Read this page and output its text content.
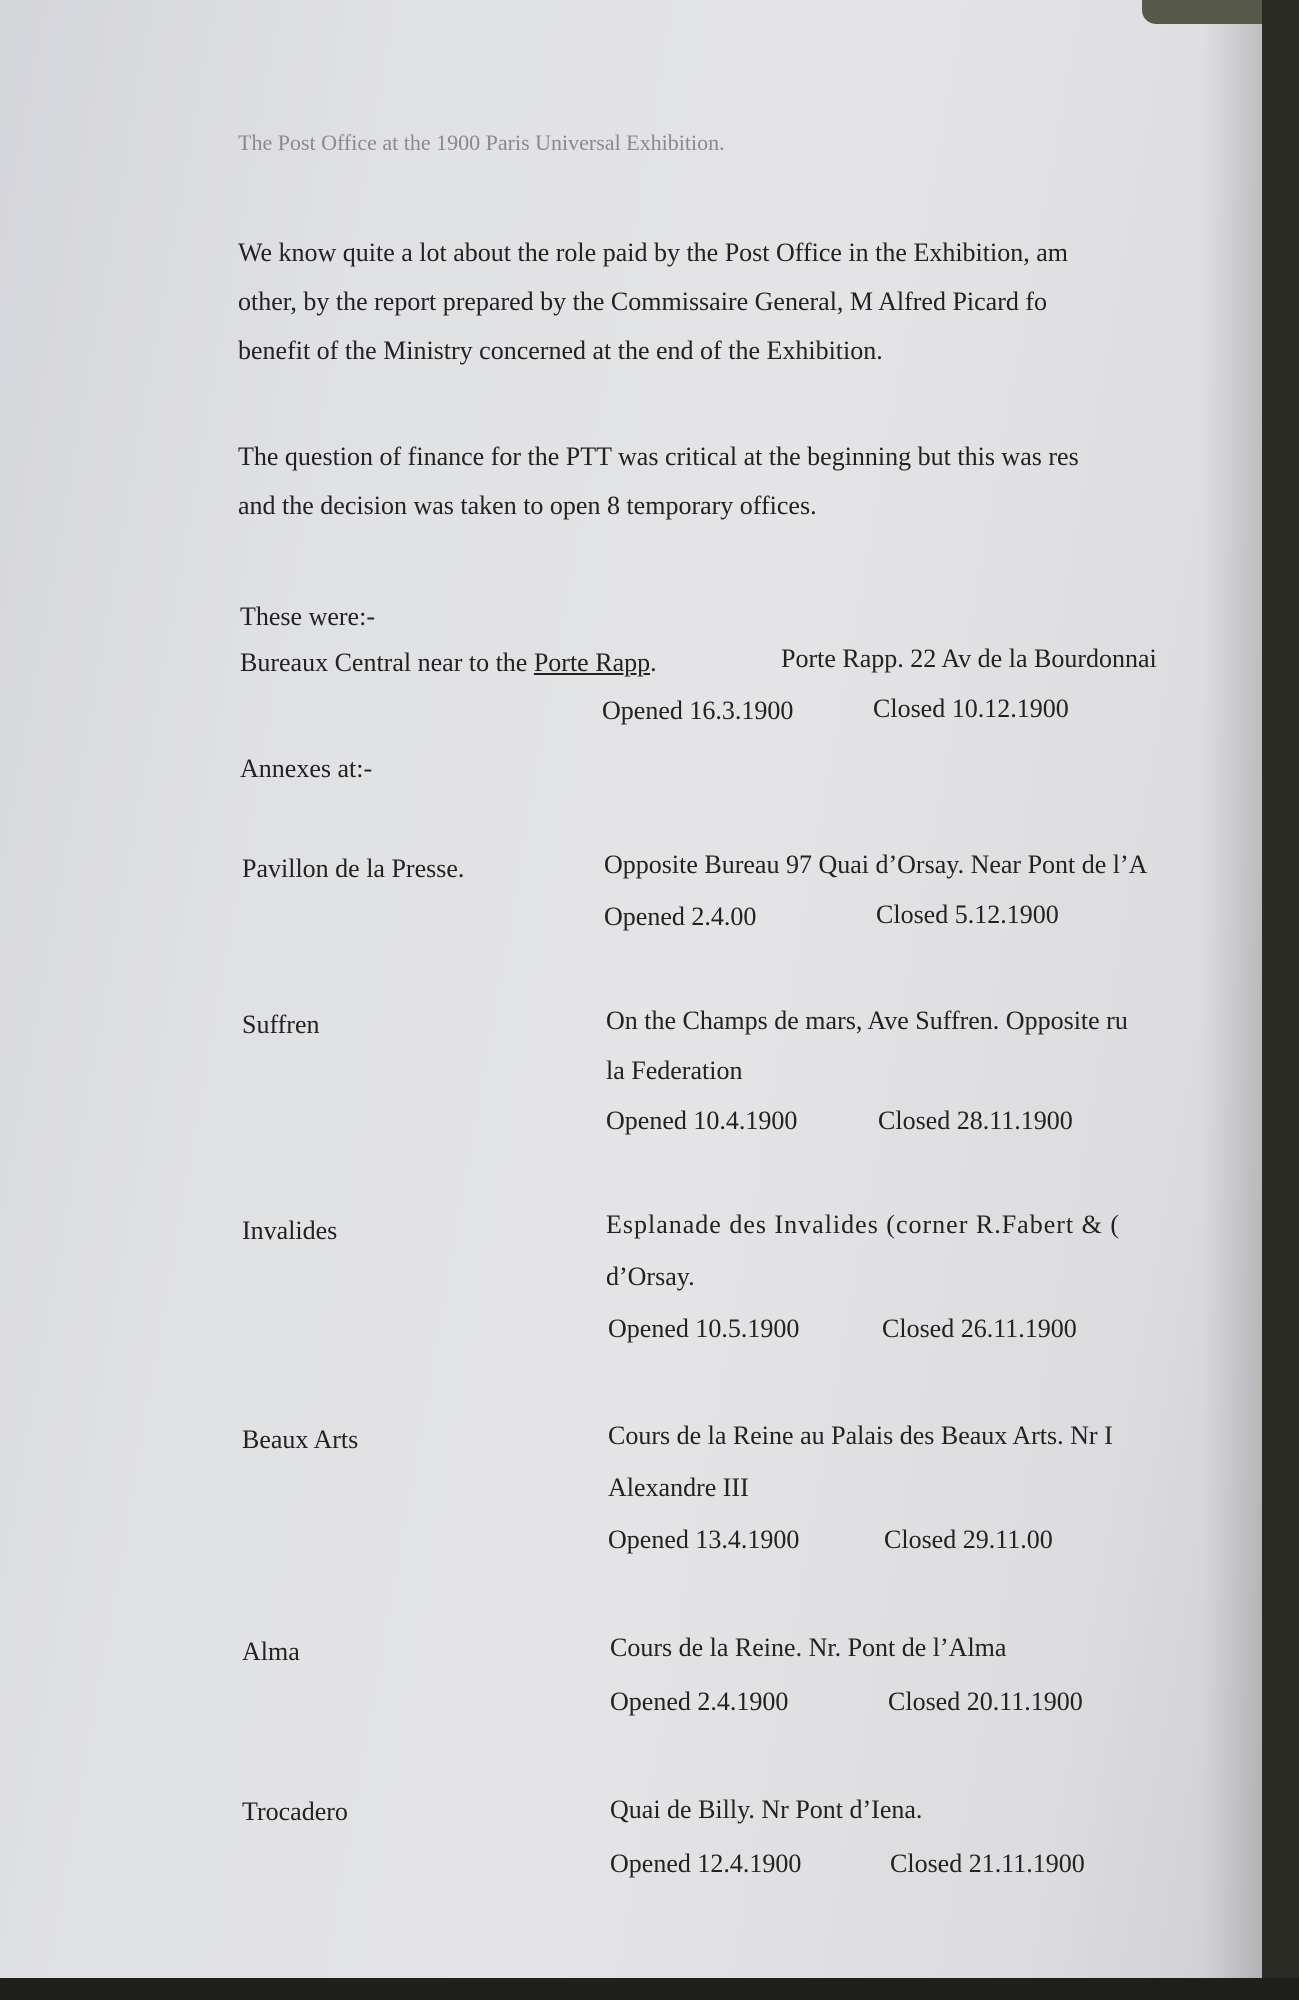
The Post Office at the 1900 Paris Universal Exhibition.
We know quite a lot about the role paid by the Post Office in the Exhibition, am
other, by the report prepared by the Commissaire General, M Alfred Picard fo
benefit of the Ministry concerned at the end of the Exhibition.
The question of finance for the PTT was critical at the beginning but this was res
and the decision was taken to open 8 temporary offices.
These were:-
Bureaux Central near to the Porte Rapp.	Porte Rapp. 22 Av de la Bourdonnai
Opened 16.3.1900	Closed 10.12.1900
Annexes at:-
Pavillon de la Presse.	Opposite Bureau 97 Quai d’Orsay. Near Pont de l’A
Opened 2.4.00	Closed 5.12.1900
Suffren	On the Champs de mars, Ave Suffren. Opposite ru
la Federation
Opened 10.4.1900	Closed 28.11.1900
Invalides	Esplanade des Invalides (corner R.Fabert & (
d’Orsay.
Opened 10.5.1900	Closed 26.11.1900
Beaux Arts	Cours de la Reine au Palais des Beaux Arts. Nr I
Alexandre III
Opened 13.4.1900	Closed 29.11.00
Alma	Cours de la Reine. Nr. Pont de l’Alma
Opened 2.4.1900	Closed 20.11.1900
Trocadero	Quai de Billy. Nr Pont d’Iena.
Opened 12.4.1900	Closed 21.11.1900
